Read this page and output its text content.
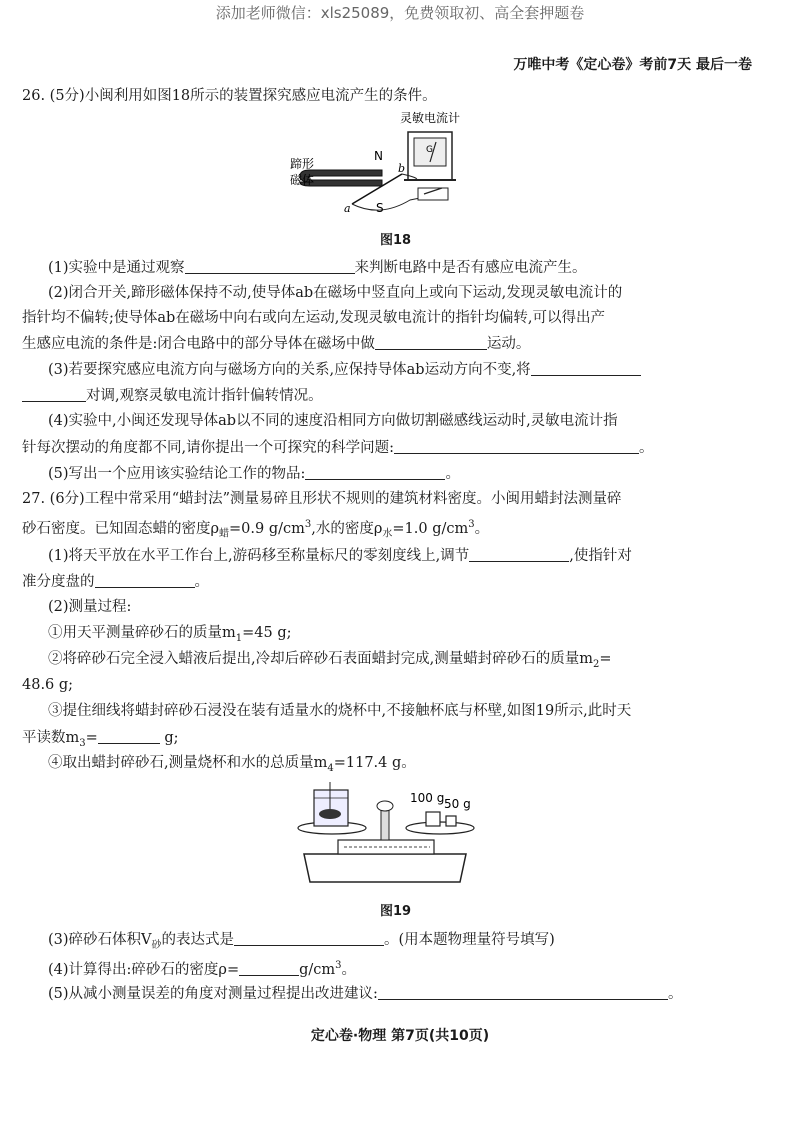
添加老师微信：xls25089，免费领取初、高全套押题卷
万唯中考《定心卷》考前7天 最后一卷
26. (5分)小闽利用如图18所示的装置探究感应电流产生的条件。
灵敏电流计
G
蹄形
磁体
N
S
a
b
图18
(1)实验中是通过观察	来判断电路中是否有感应电流产生。
(2)闭合开关,蹄形磁体保持不动,使导体ab在磁场中竖直向上或向下运动,发现灵敏电流计的
指针均不偏转;使导体ab在磁场中向右或向左运动,发现灵敏电流计的指针均偏转,可以得出产
生感应电流的条件是:闭合电路中的部分导体在磁场中做	运动。
(3)若要探究感应电流方向与磁场方向的关系,应保持导体ab运动方向不变,将
对调,观察灵敏电流计指针偏转情况。
(4)实验中,小闽还发现导体ab以不同的速度沿相同方向做切割磁感线运动时,灵敏电流计指
针每次摆动的角度都不同,请你提出一个可探究的科学问题:	。
(5)写出一个应用该实验结论工作的物品:	。
27. (6分)工程中常采用“蜡封法”测量易碎且形状不规则的建筑材料密度。小闽用蜡封法测量碎
砂石密度。已知固态蜡的密度$\rho_蜡=0.9$ $g/cm^3$,水的密度$\rho_水=1.0$ $g/cm^3$。
(1)将天平放在水平工作台上,游码移至称量标尺的零刻度线上,调节	,使指针对
准分度盘的	。
(2)测量过程:
①用天平测量碎砂石的质量$m_1=45$ g;
②将碎砂石完全浸入蜡液后提出,冷却后碎砂石表面蜡封完成,测量蜡封碎砂石的质量$m_2=$
48.6 g;
③提住细线将蜡封碎砂石浸没在装有适量水的烧杯中,不接触杯底与杯壁,如图19所示,此时天
平读数$m_3=$	g;
④取出蜡封碎砂石,测量烧杯和水的总质量$m_4=117.4$ g。
100 g 50 g
图19
(3)碎砂石体积$V_砂$的表达式是	。(用本题物理量符号填写)
(4)计算得出:碎砂石的密度ρ=	$g/cm^3$。
(5)从减小测量误差的角度对测量过程提出改进建议:	。
定心卷·物理 第7页(共10页)
